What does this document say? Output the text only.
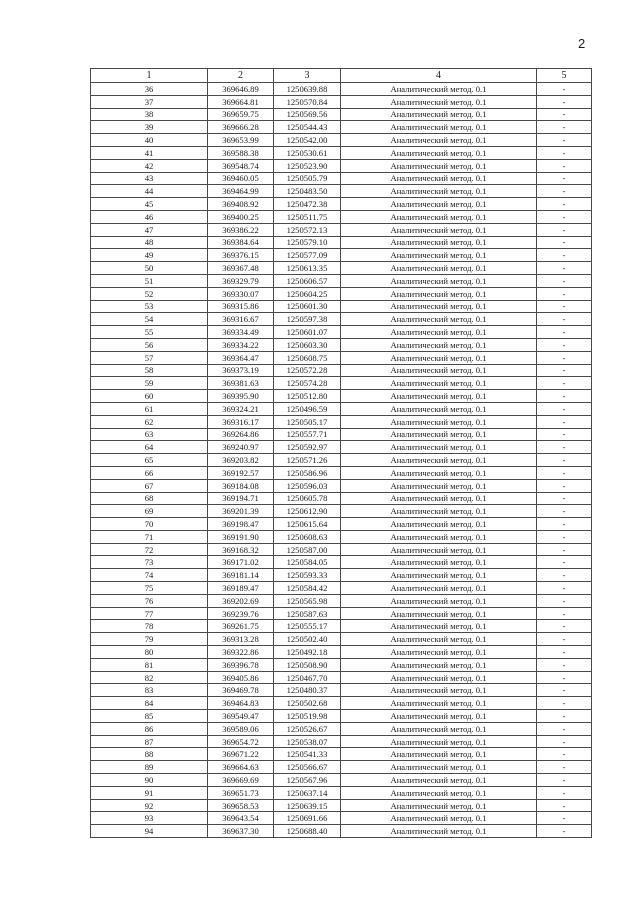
2
1	2	3	4	5
36	369646.89	1250639.88	Аналитический метод. 0.1	-
37	369664.81	1250570.84	Аналитический метод. 0.1	-
38	369659.75	1250569.56	Аналитический метод. 0.1	-
39	369666.28	1250544.43	Аналитический метод. 0.1	-
40	369653.99	1250542.00	Аналитический метод. 0.1	-
41	369588.38	1250530.61	Аналитический метод. 0.1	-
42	369548.74	1250523.90	Аналитический метод. 0.1	-
43	369460.05	1250505.79	Аналитический метод. 0.1	-
44	369464.99	1250483.50	Аналитический метод. 0.1	-
45	369408.92	1250472.38	Аналитический метод. 0.1	-
46	369400.25	1250511.75	Аналитический метод. 0.1	-
47	369386.22	1250572.13	Аналитический метод. 0.1	-
48	369384.64	1250579.10	Аналитический метод. 0.1	-
49	369376.15	1250577.09	Аналитический метод. 0.1	-
50	369367.48	1250613.35	Аналитический метод. 0.1	-
51	369329.79	1250606.57	Аналитический метод. 0.1	-
52	369330.07	1250604.25	Аналитический метод. 0.1	-
53	369315.86	1250601.30	Аналитический метод. 0.1	-
54	369316.67	1250597.38	Аналитический метод. 0.1	-
55	369334.49	1250601.07	Аналитический метод. 0.1	-
56	369334.22	1250603.30	Аналитический метод. 0.1	-
57	369364.47	1250608.75	Аналитический метод. 0.1	-
58	369373.19	1250572.28	Аналитический метод. 0.1	-
59	369381.63	1250574.28	Аналитический метод. 0.1	-
60	369395.90	1250512.80	Аналитический метод. 0.1	-
61	369324.21	1250496.59	Аналитический метод. 0.1	-
62	369316.17	1250505.17	Аналитический метод. 0.1	-
63	369264.86	1250557.71	Аналитический метод. 0.1	-
64	369240.97	1250592.97	Аналитический метод. 0.1	-
65	369203.82	1250571.26	Аналитический метод. 0.1	-
66	369192.57	1250586.96	Аналитический метод. 0.1	-
67	369184.08	1250596.03	Аналитический метод. 0.1	-
68	369194.71	1250605.78	Аналитический метод. 0.1	-
69	369201.39	1250612.90	Аналитический метод. 0.1	-
70	369198.47	1250615.64	Аналитический метод. 0.1	-
71	369191.90	1250608.63	Аналитический метод. 0.1	-
72	369168.32	1250587.00	Аналитический метод. 0.1	-
73	369171.02	1250584.05	Аналитический метод. 0.1	-
74	369181.14	1250593.33	Аналитический метод. 0.1	-
75	369189.47	1250584.42	Аналитический метод. 0.1	-
76	369202.69	1250565.98	Аналитический метод. 0.1	-
77	369239.76	1250587.63	Аналитический метод. 0.1	-
78	369261.75	1250555.17	Аналитический метод. 0.1	-
79	369313.28	1250502.40	Аналитический метод. 0.1	-
80	369322.86	1250492.18	Аналитический метод. 0.1	-
81	369396.78	1250508.90	Аналитический метод. 0.1	-
82	369405.86	1250467.70	Аналитический метод. 0.1	-
83	369469.78	1250480.37	Аналитический метод. 0.1	-
84	369464.83	1250502.68	Аналитический метод. 0.1	-
85	369549.47	1250519.98	Аналитический метод. 0.1	-
86	369589.06	1250526.67	Аналитический метод. 0.1	-
87	369654.72	1250538.07	Аналитический метод. 0.1	-
88	369671.22	1250541.33	Аналитический метод. 0.1	-
89	369664.63	1250566.67	Аналитический метод. 0.1	-
90	369669.69	1250567.96	Аналитический метод. 0.1	-
91	369651.73	1250637.14	Аналитический метод. 0.1	-
92	369658.53	1250639.15	Аналитический метод. 0.1	-
93	369643.54	1250691.66	Аналитический метод. 0.1	-
94	369637.30	1250688.40	Аналитический метод. 0.1	-
